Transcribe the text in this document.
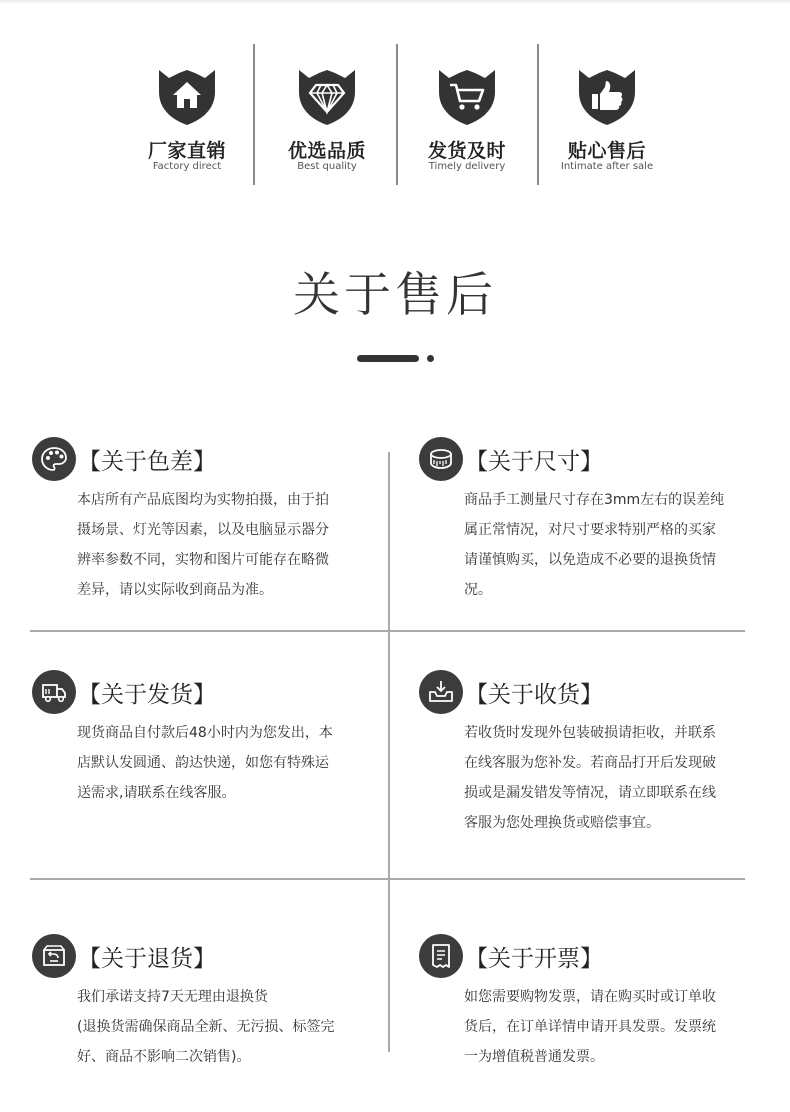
厂家直销
Factory direct
优选品质
Best quality
发货及时
Timely delivery
贴心售后
Intimate after sale
关于售后
【关于色差】

本店所有产品底图均为实物拍摄，由于拍

摄场景、灯光等因素，以及电脑显示器分

辨率参数不同，实物和图片可能存在略微

差异，请以实际收到商品为准。

【关于尺寸】

商品手工测量尺寸存在3mm左右的误差纯

属正常情况，对尺寸要求特别严格的买家

请谨慎购买，以免造成不必要的退换货情

况。

【关于发货】

现货商品自付款后48小时内为您发出，本

店默认发圆通、韵达快递，如您有特殊运

送需求,请联系在线客服。

【关于收货】

若收货时发现外包装破损请拒收，并联系

在线客服为您补发。若商品打开后发现破

损或是漏发错发等情况，请立即联系在线

客服为您处理换货或赔偿事宜。

【关于退货】

我们承诺支持7天无理由退换货

(退换货需确保商品全新、无污损、标签完

好、商品不影响二次销售)。

【关于开票】

如您需要购物发票，请在购买时或订单收

货后，在订单详情申请开具发票。发票统

一为增值税普通发票。
